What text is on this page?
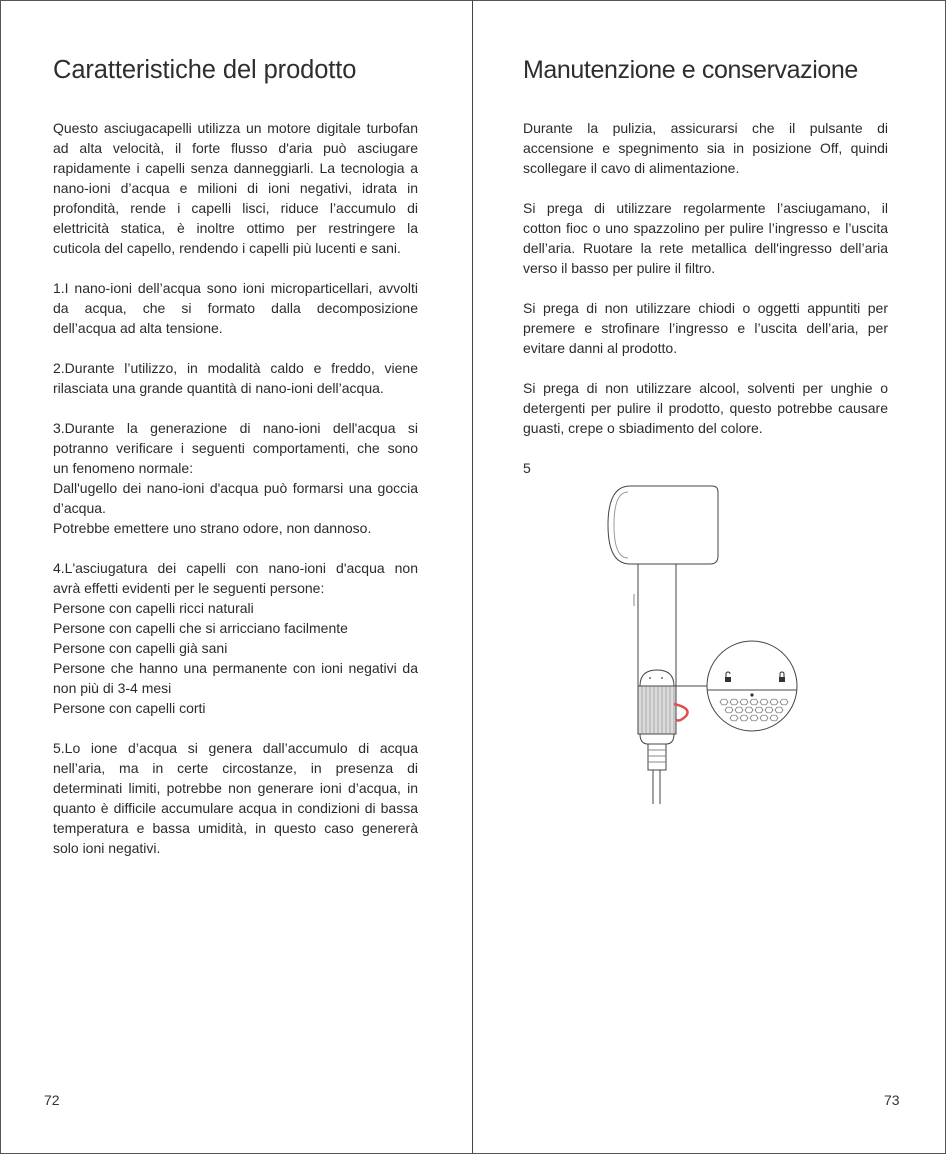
Caratteristiche del prodotto

Questo asciugacapelli utilizza un motore digitale turbofan
ad alta velocità, il forte flusso d'aria può asciugare
rapidamente i capelli senza danneggiarli. La tecnologia a
nano-ioni d’acqua e milioni di ioni negativi, idrata in
profondità, rende i capelli lisci, riduce l’accumulo di
elettricità statica, è inoltre ottimo per restringere la
cuticola del capello, rendendo i capelli più lucenti e sani.

1.I nano-ioni dell’acqua sono ioni microparticellari, avvolti
da acqua, che si formato dalla decomposizione
dell’acqua ad alta tensione.

2.Durante l’utilizzo, in modalità caldo e freddo, viene
rilasciata una grande quantità di nano-ioni dell’acqua.

3.Durante la generazione di nano-ioni dell'acqua si
potranno verificare i seguenti comportamenti, che sono
un fenomeno normale:
Dall'ugello dei nano-ioni d'acqua può formarsi una goccia
d’acqua.
Potrebbe emettere uno strano odore, non dannoso.

4.L'asciugatura dei capelli con nano-ioni d'acqua non
avrà effetti evidenti per le seguenti persone:
Persone con capelli ricci naturali
Persone con capelli che si arricciano facilmente
Persone con capelli già sani
Persone che hanno una permanente con ioni negativi da
non più di 3-4 mesi
Persone con capelli corti

5.Lo ione d’acqua si genera dall’accumulo di acqua
nell’aria, ma in certe circostanze, in presenza di
determinati limiti, potrebbe non generare ioni d’acqua, in
quanto è difficile accumulare acqua in condizioni di bassa
temperatura e bassa umidità, in questo caso genererà
solo ioni negativi.

Manutenzione e conservazione

Durante la pulizia, assicurarsi che il pulsante di
accensione e spegnimento sia in posizione Off, quindi
scollegare il cavo di alimentazione.

Si prega di utilizzare regolarmente l’asciugamano, il
cotton fioc o uno spazzolino per pulire l’ingresso e l’uscita
dell’aria. Ruotare la rete metallica dell'ingresso dell’aria
verso il basso per pulire il filtro.

Si prega di non utilizzare chiodi o oggetti appuntiti per
premere e strofinare l’ingresso e l’uscita dell’aria, per
evitare danni al prodotto.

Si prega di non utilizzare alcool, solventi per unghie o
detergenti per pulire il prodotto, questo potrebbe causare
guasti, crepe o sbiadimento del colore.

5
72	73
